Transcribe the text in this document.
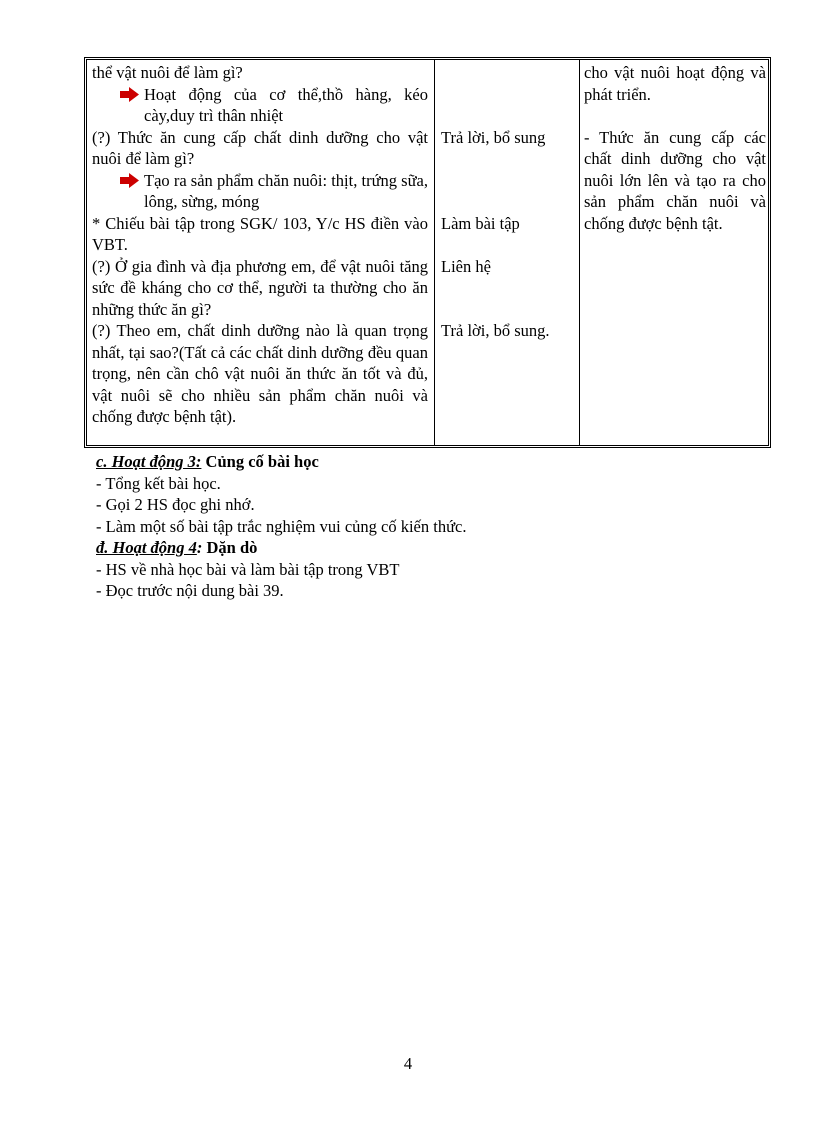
thể vật nuôi để làm gì?

Hoạt động của cơ thể,thồ hàng, kéo cày,duy trì thân nhiệt

(?) Thức ăn cung cấp chất dinh dưỡng cho vật nuôi để làm gì?

Tạo ra sản phẩm chăn nuôi: thịt, trứng sữa, lông, sừng, móng

* Chiếu bài tập trong SGK/ 103, Y/c HS điền vào VBT.

(?) Ở gia đình và địa phương em, để vật nuôi tăng sức đề kháng cho cơ thể, người ta thường cho ăn những thức ăn gì?

(?) Theo em, chất dinh dưỡng nào là quan trọng nhất, tại sao?(Tất cả các chất dinh dưỡng đều quan trọng, nên cần chô vật nuôi ăn thức ăn tốt và đủ, vật nuôi sẽ cho nhiều sản phẩm chăn nuôi và chống được bệnh tật).

Trả lời, bổ sung

Làm bài tập

Liên hệ

Trả lời, bổ sung.

cho vật nuôi hoạt động và phát triển.

- Thức ăn cung cấp các chất dinh dưỡng cho vật nuôi lớn lên và tạo ra cho sản phẩm chăn nuôi và chống được bệnh tật.

c. Hoạt động 3: Củng cố bài học

- Tổng kết bài học.

- Gọi 2 HS đọc ghi nhớ.

- Làm một số bài tập trắc nghiệm vui củng cố kiến thức.

đ. Hoạt động 4: Dặn dò

- HS về nhà học bài và làm bài tập trong VBT

- Đọc trước nội dung bài 39.

4
